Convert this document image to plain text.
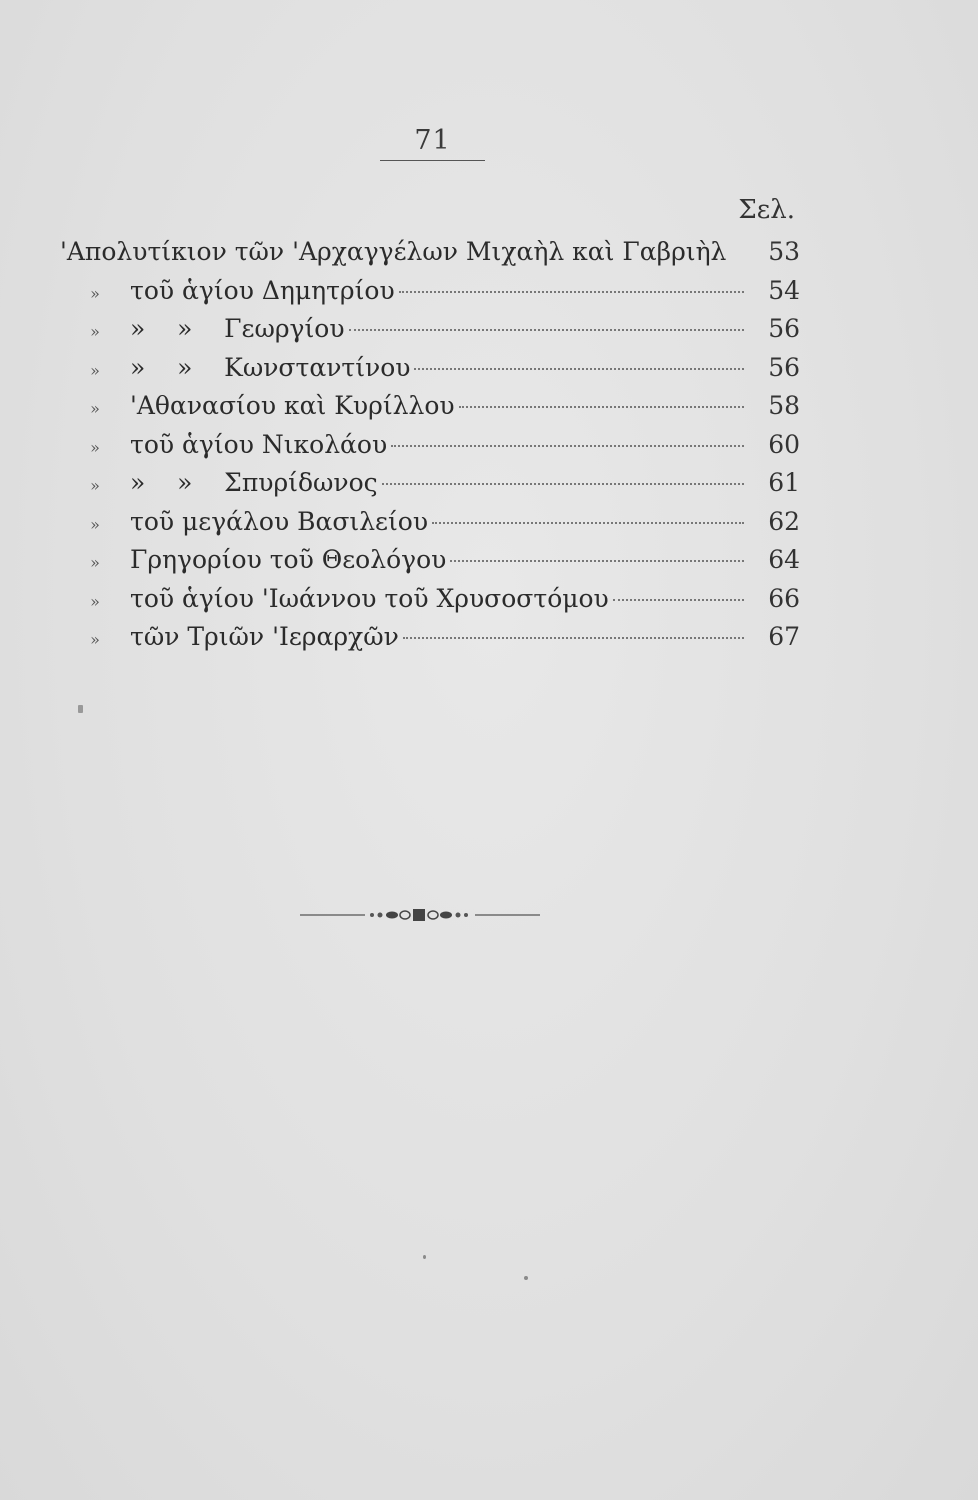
71
Σελ.
'Απολυτίκιον τῶν 'Αρχαγγέλων Μιχαὴλ καὶ Γαβριὴλ	53
»	τοῦ ἁγίου Δημητρίου	54
»	»    »    Γεωργίου	56
»	»    »    Κωνσταντίνου	56
»	'Αθανασίου καὶ Κυρίλλου	58
»	τοῦ ἁγίου Νικολάου	60
»	»    »    Σπυρίδωνος	61
»	τοῦ μεγάλου Βασιλείου	62
»	Γρηγορίου τοῦ Θεολόγου	64
»	τοῦ ἁγίου 'Ιωάννου τοῦ Χρυσοστόμου	66
»	τῶν Τριῶν 'Ιεραρχῶν	67
